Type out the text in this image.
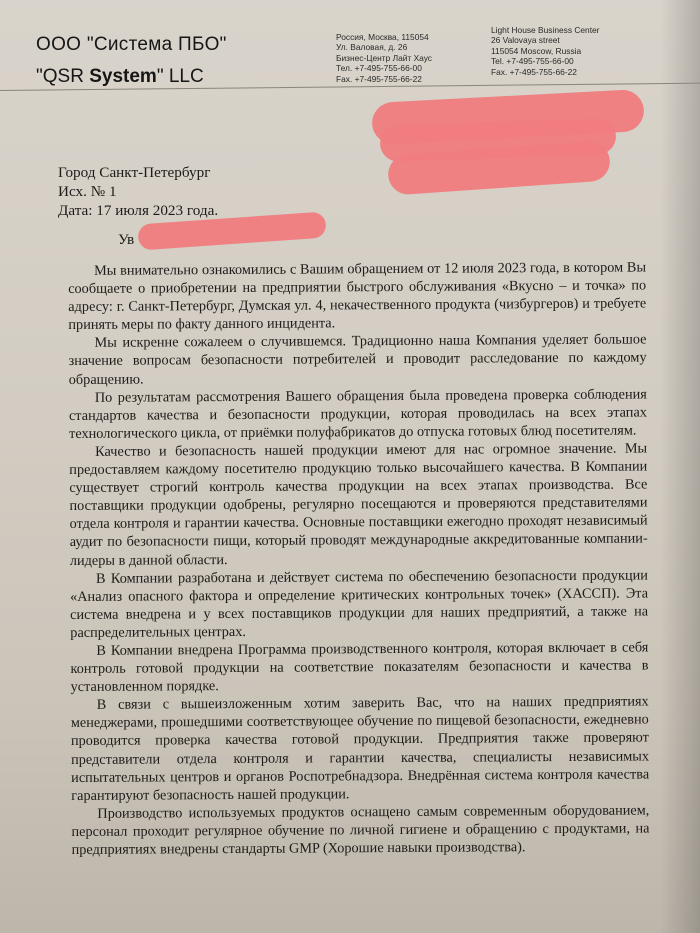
ООО "Система ПБО"
"QSR System" LLC
Россия, Москва, 115054
Ул. Валовая, д. 26
Бизнес-Центр Лайт Хаус
Тел. +7-495-755-66-00
Fax. +7-495-755-66-22
Light House Business Center
26 Valovaya street
115054 Moscow, Russia
Tel. +7-495-755-66-00
Fax. +7-495-755-66-22
Город Санкт-Петербург
Исх. № 1
Дата: 17 июля 2023 года.
Ув

Мы внимательно ознакомились с Вашим обращением от 12 июля 2023 года, в котором Вы сообщаете о приобретении на предприятии быстрого обслуживания «Вкусно – и точка» по адресу: г. Санкт-Петербург, Думская ул. 4, некачественного продукта (чизбургеров) и требуете принять меры по факту данного инцидента.

Мы искренне сожалеем о случившемся. Традиционно наша Компания уделяет большое значение вопросам безопасности потребителей и проводит расследование по каждому обращению.

По результатам рассмотрения Вашего обращения была проведена проверка соблюдения стандартов качества и безопасности продукции, которая проводилась на всех этапах технологического цикла, от приёмки полуфабрикатов до отпуска готовых блюд посетителям.

Качество и безопасность нашей продукции имеют для нас огромное значение. Мы предоставляем каждому посетителю продукцию только высочайшего качества. В Компании существует строгий контроль качества продукции на всех этапах производства. Все поставщики продукции одобрены, регулярно посещаются и проверяются представителями отдела контроля и гарантии качества. Основные поставщики ежегодно проходят независимый аудит по безопасности пищи, который проводят международные аккредитованные компании-лидеры в данной области.

В Компании разработана и действует система по обеспечению безопасности продукции «Анализ опасного фактора и определение критических контрольных точек» (ХАССП). Эта система внедрена и у всех поставщиков продукции для наших предприятий, а также на распределительных центрах.

В Компании внедрена Программа производственного контроля, которая включает в себя контроль готовой продукции на соответствие показателям безопасности и качества в установленном порядке.

В связи с вышеизложенным хотим заверить Вас, что на наших предприятиях менеджерами, прошедшими соответствующее обучение по пищевой безопасности, ежедневно проводится проверка качества готовой продукции. Предприятия также проверяют представители отдела контроля и гарантии качества, специалисты независимых испытательных центров и органов Роспотребнадзора. Внедрённая система контроля качества гарантируют безопасность нашей продукции.

Производство используемых продуктов оснащено самым современным оборудованием, персонал проходит регулярное обучение по личной гигиене и обращению с продуктами, на предприятиях внедрены стандарты GMP (Хорошие навыки производства).
